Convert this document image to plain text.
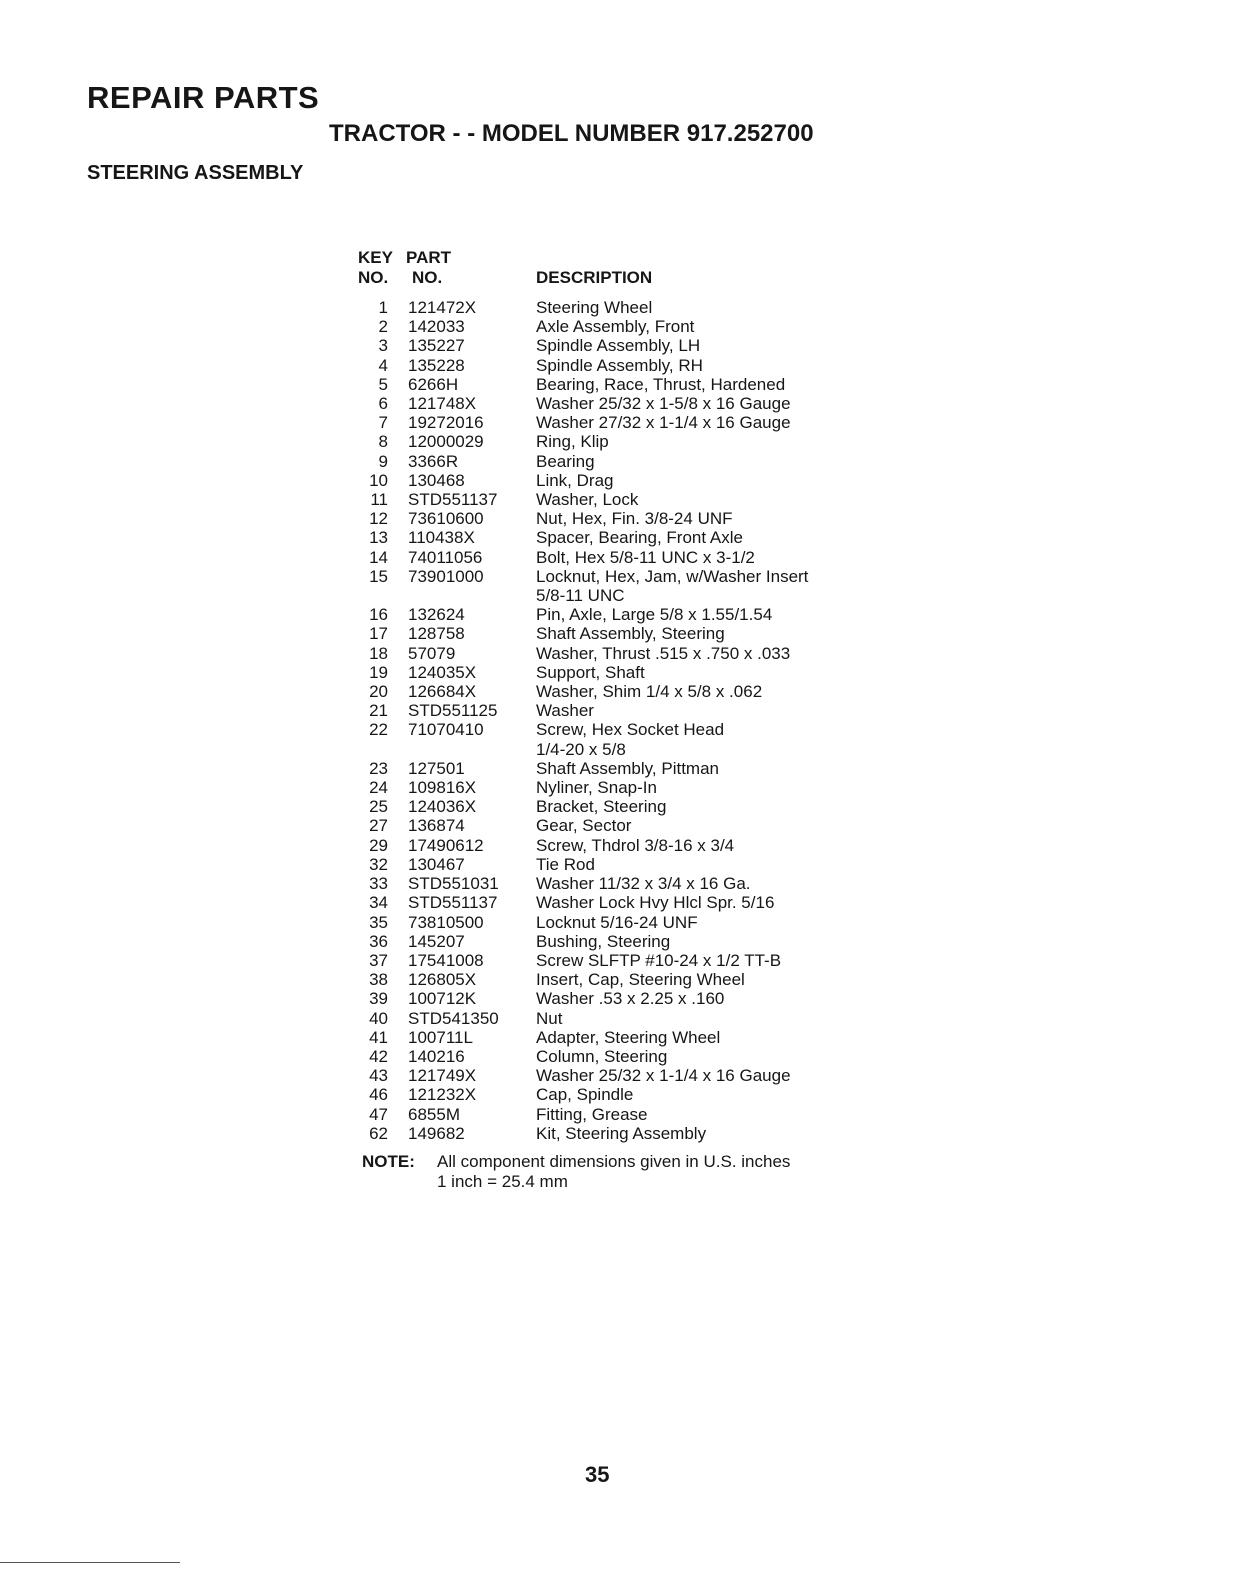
REPAIR PARTS
TRACTOR - - MODEL NUMBER 917.252700
STEERING ASSEMBLY
KEY
NO.
PART
NO.	DESCRIPTION
1 121472X	Steering Wheel
2 142033	Axle Assembly, Front
3 135227	Spindle Assembly, LH
4 135228	Spindle Assembly, RH
5 6266H	Bearing, Race, Thrust, Hardened
6 121748X	Washer 25/32 x 1-5/8 x 16 Gauge
7 19272016	Washer 27/32 x 1-1/4 x 16 Gauge
8 12000029	Ring, Klip
9 3366R	Bearing
10 130468	Link, Drag
11 STD551137	Washer, Lock
12 73610600	Nut, Hex, Fin. 3/8-24 UNF
13 110438X	Spacer, Bearing, Front Axle
14 74011056	Bolt, Hex 5/8-11 UNC x 3-1/2
15 73901000	Locknut, Hex, Jam, w/Washer Insert
5/8-11 UNC
16 132624	Pin, Axle, Large 5/8 x 1.55/1.54
17 128758	Shaft Assembly, Steering
18 57079	Washer, Thrust .515 x .750 x .033
19 124035X	Support, Shaft
20 126684X	Washer, Shim 1/4 x 5/8 x .062
21 STD551125	Washer
22 71070410	Screw, Hex Socket Head
1/4-20 x 5/8
23 127501	Shaft Assembly, Pittman
24 109816X	Nyliner, Snap-In
25 124036X	Bracket, Steering
27 136874	Gear, Sector
29 17490612	Screw, Thdrol 3/8-16 x 3/4
32 130467	Tie Rod
33 STD551031	Washer 11/32 x 3/4 x 16 Ga.
34 STD551137	Washer Lock Hvy Hlcl Spr. 5/16
35 73810500	Locknut 5/16-24 UNF
36 145207	Bushing, Steering
37 17541008	Screw SLFTP #10-24 x 1/2 TT-B
38 126805X	Insert, Cap, Steering Wheel
39 100712K	Washer .53 x 2.25 x .160
40 STD541350	Nut
41 100711L	Adapter, Steering Wheel
42 140216	Column, Steering
43 121749X	Washer 25/32 x 1-1/4 x 16 Gauge
46 121232X	Cap, Spindle
47 6855M	Fitting, Grease
62 149682	Kit, Steering Assembly
NOTE: All component dimensions given in U.S. inches
1 inch = 25.4 mm
35
